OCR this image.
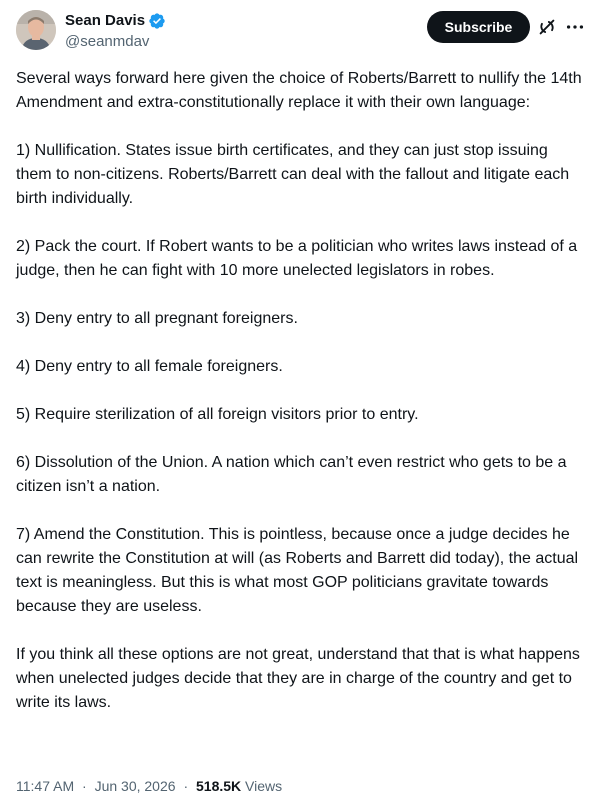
Sean Davis
@seanmdav
Subscribe

Several ways forward here given the choice of Roberts/Barrett to nullify the 14th Amendment and extra-constitutionally replace it with their own language:

1) Nullification. States issue birth certificates, and they can just stop issuing them to non-citizens. Roberts/Barrett can deal with the fallout and litigate each birth individually.

2) Pack the court. If Robert wants to be a politician who writes laws instead of a judge, then he can fight with 10 more unelected legislators in robes.

3) Deny entry to all pregnant foreigners.

4) Deny entry to all female foreigners.

5) Require sterilization of all foreign visitors prior to entry.

6) Dissolution of the Union. A nation which can’t even restrict who gets to be a citizen isn’t a nation.

7) Amend the Constitution. This is pointless, because once a judge decides he can rewrite the Constitution at will (as Roberts and Barrett did today), the actual text is meaningless. But this is what most GOP politicians gravitate towards because they are useless.

If you think all these options are not great, understand that that is what happens when unelected judges decide that they are in charge of the country and get to write its laws.

11:47 AM · Jun 30, 2026 · 518.5K Views
